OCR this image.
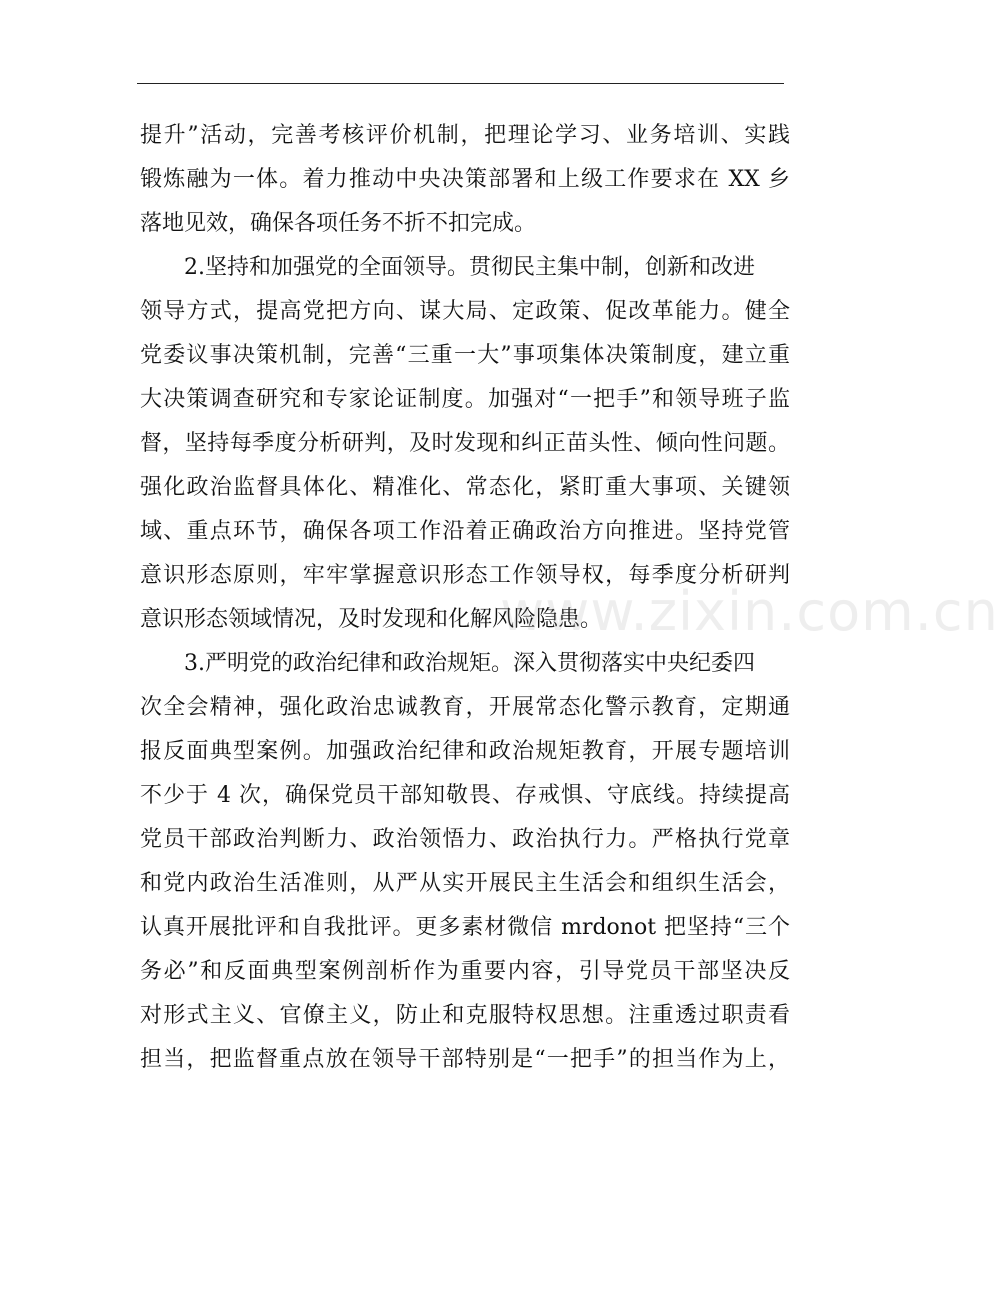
提升”活动，完善考核评价机制，把理论学习、业务培训、实践
锻炼融为一体。着力推动中央决策部署和上级工作要求在 XX 乡
落地见效，确保各项任务不折不扣完成。
2.坚持和加强党的全面领导。贯彻民主集中制，创新和改进
领导方式，提高党把方向、谋大局、定政策、促改革能力。健全
党委议事决策机制，完善“三重一大”事项集体决策制度，建立重
大决策调查研究和专家论证制度。加强对“一把手”和领导班子监
督，坚持每季度分析研判，及时发现和纠正苗头性、倾向性问题。
强化政治监督具体化、精准化、常态化，紧盯重大事项、关键领
域、重点环节，确保各项工作沿着正确政治方向推进。坚持党管
意识形态原则，牢牢掌握意识形态工作领导权，每季度分析研判
意识形态领域情况，及时发现和化解风险隐患。
3.严明党的政治纪律和政治规矩。深入贯彻落实中央纪委四
次全会精神，强化政治忠诚教育，开展常态化警示教育，定期通
报反面典型案例。加强政治纪律和政治规矩教育，开展专题培训
不少于 4 次，确保党员干部知敬畏、存戒惧、守底线。持续提高
党员干部政治判断力、政治领悟力、政治执行力。严格执行党章
和党内政治生活准则，从严从实开展民主生活会和组织生活会，
认真开展批评和自我批评。更多素材微信 mrdonot 把坚持“三个
务必”和反面典型案例剖析作为重要内容，引导党员干部坚决反
对形式主义、官僚主义，防止和克服特权思想。注重透过职责看
担当，把监督重点放在领导干部特别是“一把手”的担当作为上，
www.zixin.com.cn
